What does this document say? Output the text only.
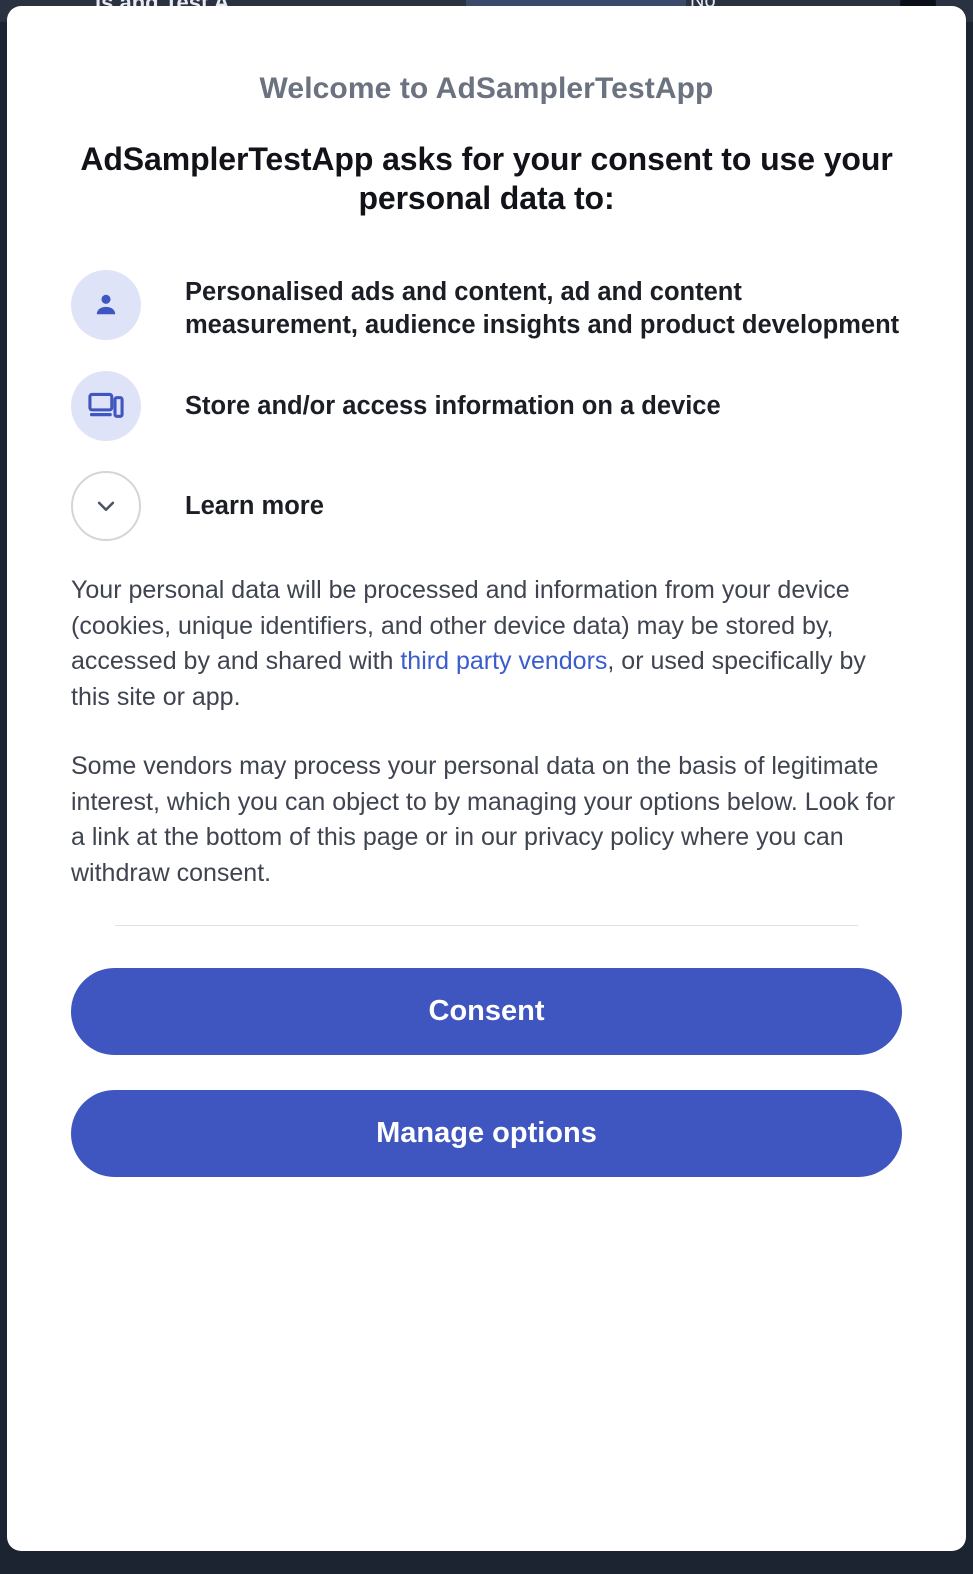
Welcome to AdSamplerTestApp
AdSamplerTestApp asks for your consent to use your personal data to:
Personalised ads and content, ad and content measurement, audience insights and product development
Store and/or access information on a device
Learn more

Your personal data will be processed and information from your device (cookies, unique identifiers, and other device data) may be stored by, accessed by and shared with third party vendors, or used specifically by this site or app.

Some vendors may process your personal data on the basis of legitimate interest, which you can object to by managing your options below. Look for a link at the bottom of this page or in our privacy policy where you can withdraw consent.

Consent
Manage options
